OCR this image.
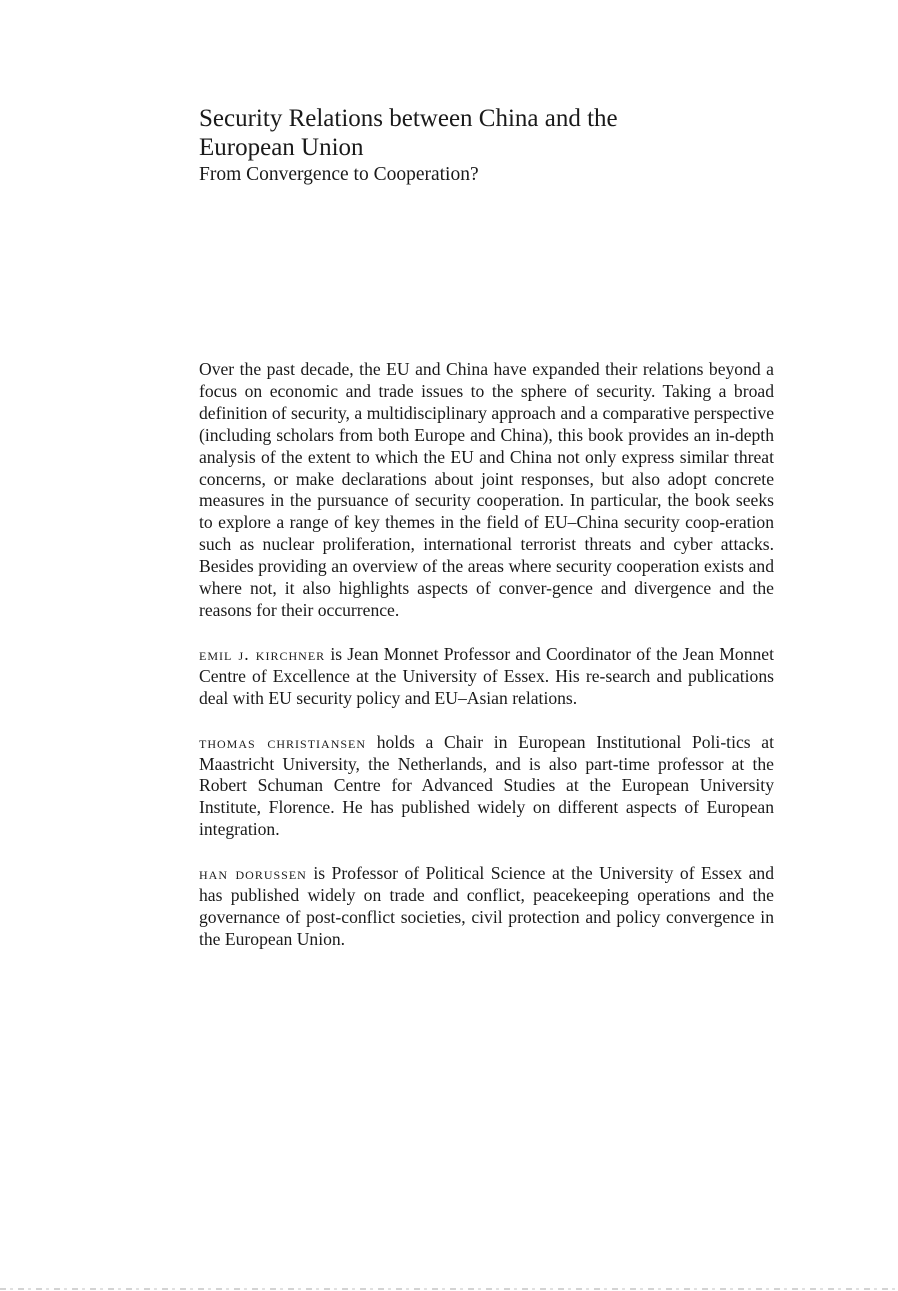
Security Relations between China and the European Union
From Convergence to Cooperation?

Over the past decade, the EU and China have expanded their relations beyond a focus on economic and trade issues to the sphere of security. Taking a broad definition of security, a multidisciplinary approach and a comparative perspective (including scholars from both Europe and China), this book provides an in-depth analysis of the extent to which the EU and China not only express similar threat concerns, or make declarations about joint responses, but also adopt concrete measures in the pursuance of security cooperation. In particular, the book seeks to explore a range of key themes in the field of EU–China security coop-eration such as nuclear proliferation, international terrorist threats and cyber attacks. Besides providing an overview of the areas where security cooperation exists and where not, it also highlights aspects of conver-gence and divergence and the reasons for their occurrence.

emil j. kirchner is Jean Monnet Professor and Coordinator of the Jean Monnet Centre of Excellence at the University of Essex. His re-search and publications deal with EU security policy and EU–Asian relations.

thomas christiansen holds a Chair in European Institutional Poli-tics at Maastricht University, the Netherlands, and is also part-time professor at the Robert Schuman Centre for Advanced Studies at the European University Institute, Florence. He has published widely on different aspects of European integration.

han dorussen is Professor of Political Science at the University of Essex and has published widely on trade and conflict, peacekeeping operations and the governance of post-conflict societies, civil protection and policy convergence in the European Union.
